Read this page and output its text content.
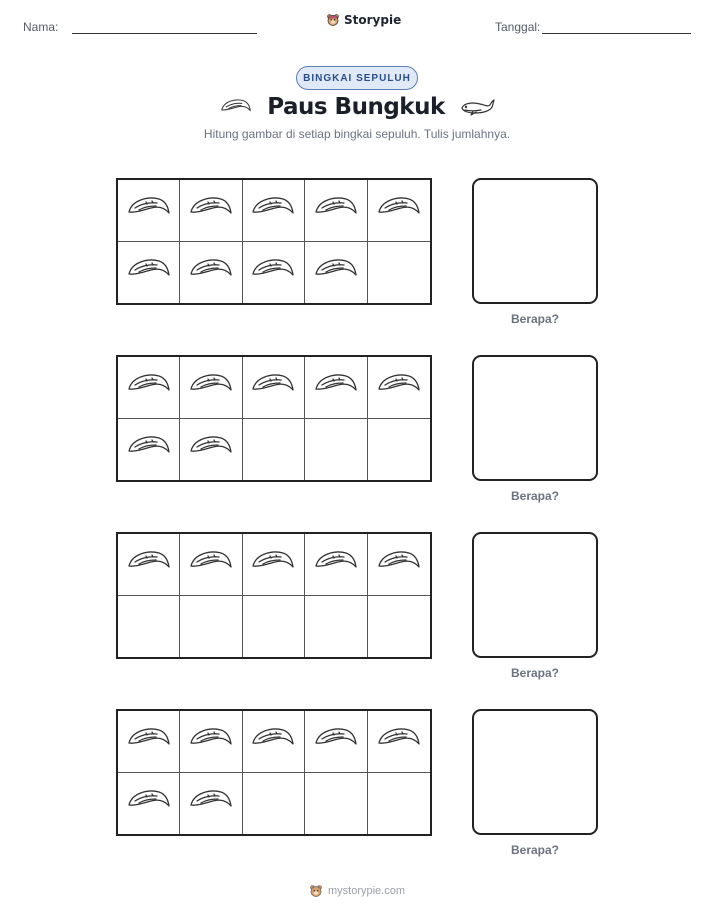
Nama:	Storypie	Tanggal:
BINGKAI SEPULUH
Paus Bungkuk
Hitung gambar di setiap bingkai sepuluh. Tulis jumlahnya.
Berapa?
Berapa?
Berapa?
Berapa?
mystorypie.com
